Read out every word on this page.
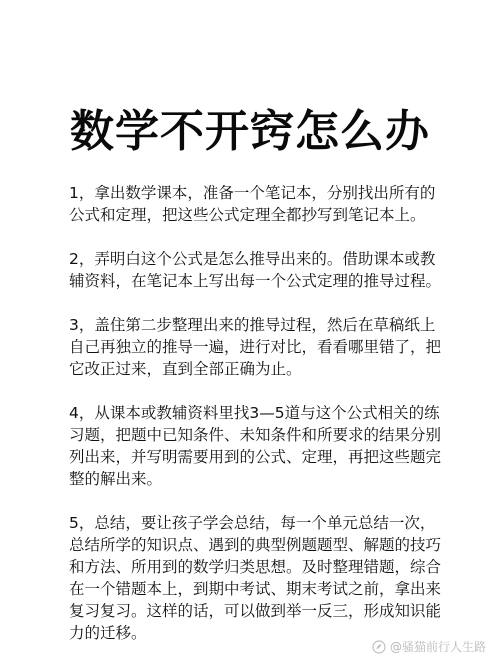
数学不开窍怎么办

1，拿出数学课本，准备一个笔记本，分别找出所有的公式和定理，把这些公式定理全都抄写到笔记本上。

2，弄明白这个公式是怎么推导出来的。借助课本或教辅资料，在笔记本上写出每一个公式定理的推导过程。

3，盖住第二步整理出来的推导过程，然后在草稿纸上自己再独立的推导一遍，进行对比，看看哪里错了，把它改正过来，直到全部正确为止。

4，从课本或教辅资料里找3—5道与这个公式相关的练习题，把题中已知条件、未知条件和所要求的结果分别列出来，并写明需要用到的公式、定理，再把这些题完整的解出来。

5，总结，要让孩子学会总结，每一个单元总结一次，总结所学的知识点、遇到的典型例题题型、解题的技巧和方法、所用到的数学归类思想。及时整理错题，综合在一个错题本上，到期中考试、期末考试之前，拿出来复习复习。这样的话，可以做到举一反三，形成知识能力的迁移。

@骚猫前行人生路
